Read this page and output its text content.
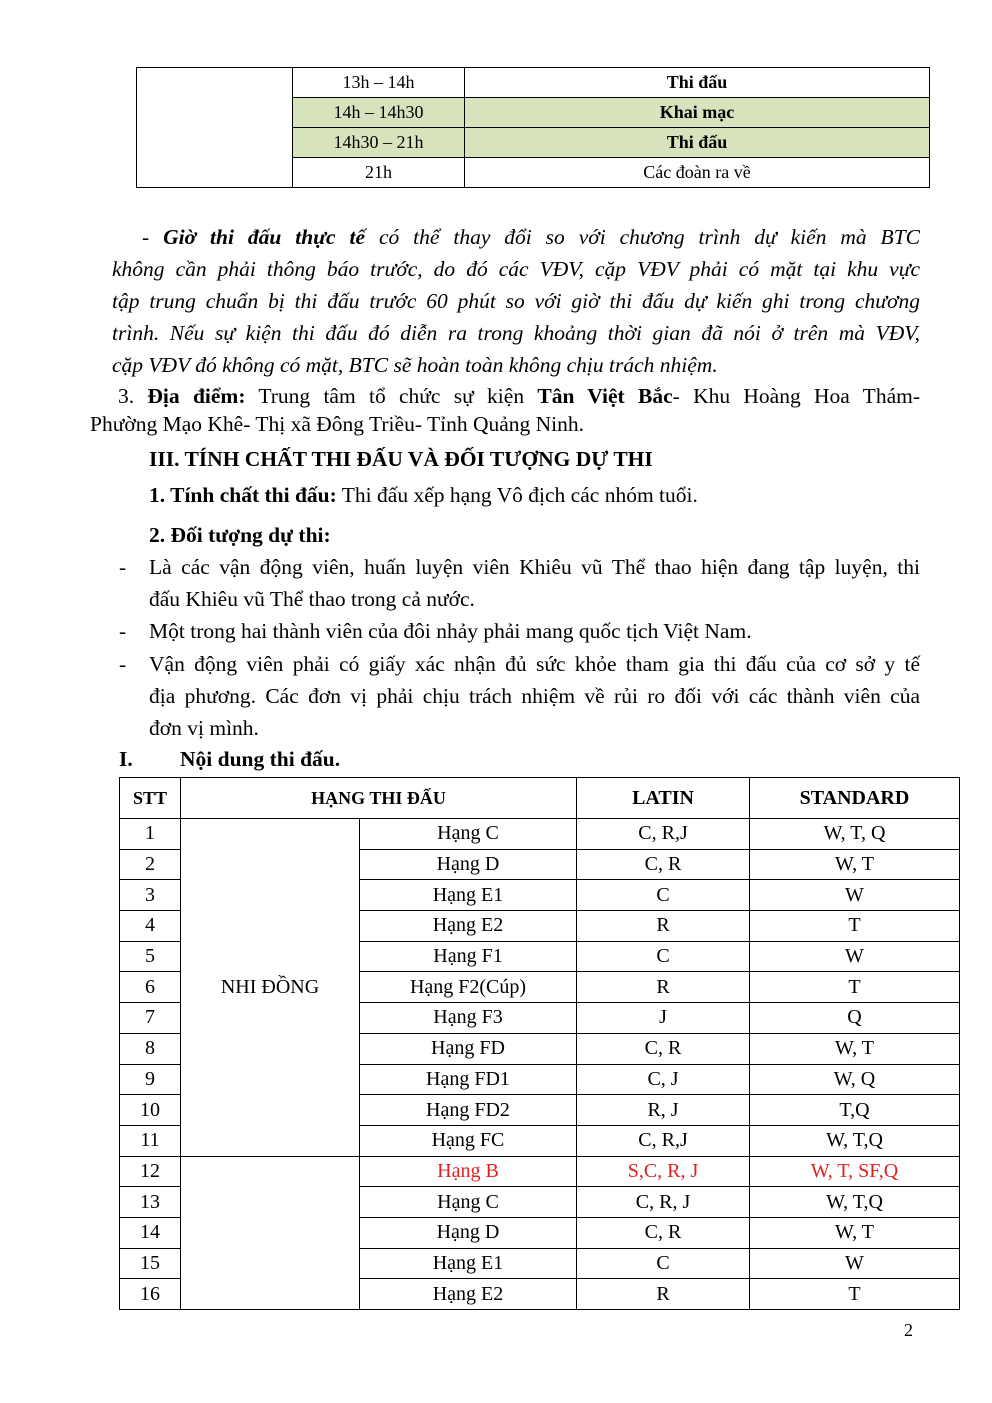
	13h – 14h	Thi đấu
	14h – 14h30	Khai mạc
	14h30 – 21h	Thi đấu
	21h	Các đoàn ra về
- Giờ thi đấu thực tế có thể thay đổi so với chương trình dự kiến mà BTC
không cần phải thông báo trước, do đó các VĐV, cặp VĐV phải có mặt tại khu vực
tập trung chuẩn bị thi đấu trước 60 phút so với giờ thi đấu dự kiến ghi trong chương
trình. Nếu sự kiện thi đấu đó diễn ra trong khoảng thời gian đã nói ở trên mà VĐV,
cặp VĐV đó không có mặt, BTC sẽ hoàn toàn không chịu trách nhiệm.
3. Địa điểm: Trung tâm tổ chức sự kiện Tân Việt Bắc- Khu Hoàng Hoa Thám-
Phường Mạo Khê- Thị xã Đông Triều- Tỉnh Quảng Ninh.
III. TÍNH CHẤT THI ĐẤU VÀ ĐỐI TƯỢNG DỰ THI
1. Tính chất thi đấu: Thi đấu xếp hạng Vô địch các nhóm tuổi.
2. Đối tượng dự thi:
- Là các vận động viên, huấn luyện viên Khiêu vũ Thể thao hiện đang tập luyện, thi
đấu Khiêu vũ Thể thao trong cả nước.
- Một trong hai thành viên của đôi nhảy phải mang quốc tịch Việt Nam.
- Vận động viên phải có giấy xác nhận đủ sức khỏe tham gia thi đấu của cơ sở y tế
địa phương. Các đơn vị phải chịu trách nhiệm về rủi ro đối với các thành viên của
đơn vị mình.
I. Nội dung thi đấu.
STT	HẠNG THI ĐẤU		LATIN	STANDARD
1	NHI ĐỒNG	Hạng C	C, R,J	W, T, Q
2		Hạng D	C, R	W, T
3		Hạng E1	C	W
4		Hạng E2	R	T
5		Hạng F1	C	W
6		Hạng F2(Cúp)	R	T
7		Hạng F3	J	Q
8		Hạng FD	C, R	W, T
9		Hạng FD1	C, J	W, Q
10		Hạng FD2	R, J	T,Q
11		Hạng FC	C, R,J	W, T,Q
12		Hạng B	S,C, R, J	W, T, SF,Q
13		Hạng C	C, R, J	W, T,Q
14		Hạng D	C, R	W, T
15		Hạng E1	C	W
16		Hạng E2	R	T
2
